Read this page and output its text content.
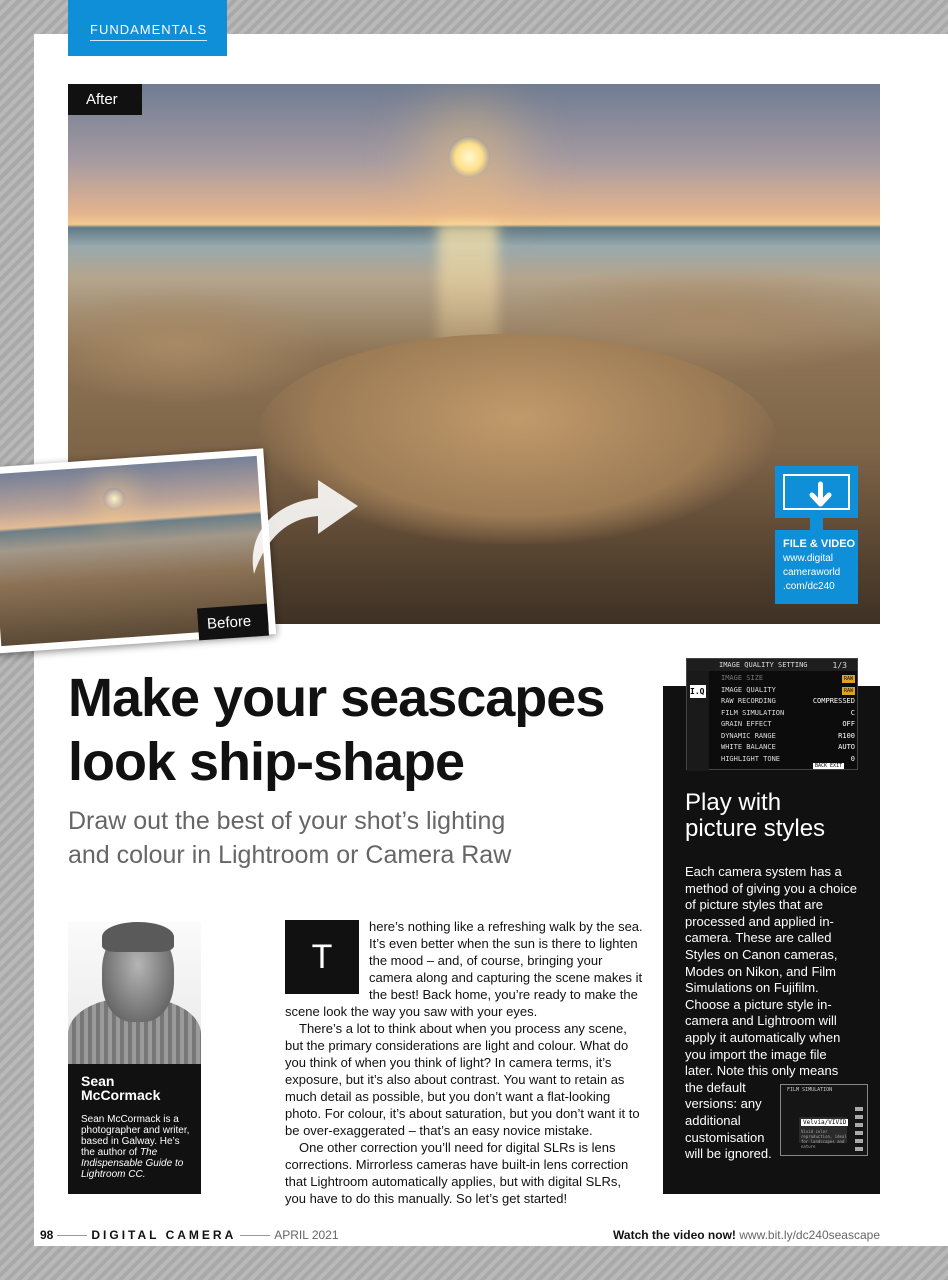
FUNDAMENTALS
After
Before
FILE & VIDEO
www.digital
cameraworld
.com/dc240
Make your seascapes
look ship-shape
Draw out the best of your shot’s lighting
and colour in Lightroom or Camera Raw
Sean
McCormack
Sean McCormack is a photographer and writer, based in Galway. He’s the author of The Indispensable Guide to Lightroom CC.
T

here’s nothing like a refreshing walk by the sea. It’s even better when the sun is there to lighten the mood – and, of course, bringing your camera along and capturing the scene makes it the best! Back home, you’re ready to make the scene look the way you saw with your eyes.

There’s a lot to think about when you process any scene, but the primary considerations are light and colour. What do you think of when you think of light? In camera terms, it’s exposure, but it’s also about contrast. You want to retain as much detail as possible, but you don’t want a flat-looking photo. For colour, it’s about saturation, but you don’t want it to be over-exaggerated – that’s an easy novice mistake.

One other correction you’ll need for digital SLRs is lens corrections. Mirrorless cameras have built-in lens correction that Lightroom automatically applies, but with digital SLRs, you have to do this manually. So let’s get started!

Play with
picture styles
Each camera system has a method of giving you a choice of picture styles that are processed and applied in-camera. These are called Styles on Canon cameras, Modes on Nikon, and Film Simulations on Fujifilm. Choose a picture style in-camera and Lightroom will apply it automatically when you import the image file later. Note this only means
the default versions: any additional customisation will be ignored.
IMAGE QUALITY SETTING	1/3
I.Q.
IMAGE SIZE	RAW
IMAGE QUALITY	RAW
RAW RECORDING	COMPRESSED
FILM SIMULATION	C
GRAIN EFFECT	OFF
DYNAMIC RANGE	R100
WHITE BALANCE	AUTO
HIGHLIGHT TONE	0
BACK EXIT
FILM SIMULATION
Velvia/VIVID
Vivid color reproduction, ideal for landscapes and nature
98	DIGITAL CAMERA	APRIL 2021	Watch the video now! www.bit.ly/dc240seascape
